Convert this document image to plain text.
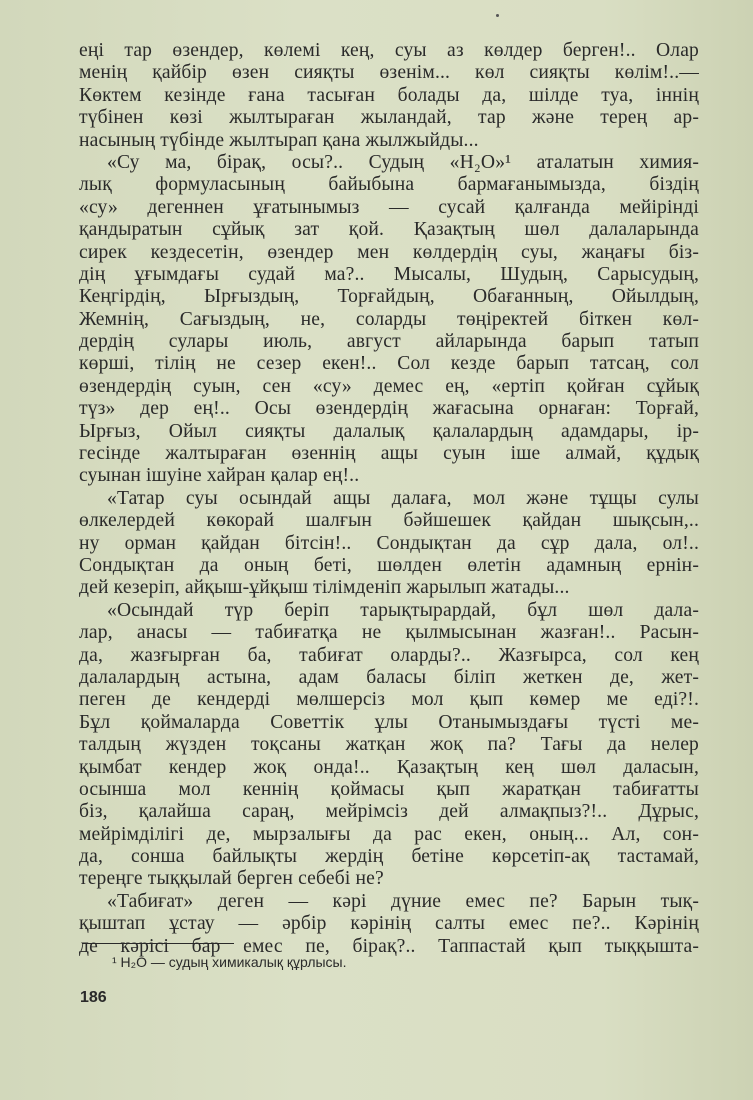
еңі тар өзендер, көлемі кең, суы аз көлдер берген!.. Олар
менің қайбір өзен сияқты өзенім... көл сияқты көлім!..—
Көктем кезінде ғана тасыған болады да, шілде туа, іннің
түбінен көзі жылтыраған жыландай, тар және терең ар-
насының түбінде жылтырап қана жылжыйды...
«Су ма, бірақ, осы?.. Судың «Н₂О»¹ аталатын химия-
лық формуласының байыбына бармағанымызда, біздің
«су» дегеннен ұғатынымыз — сусай қалғанда мейірінді
қандыратын сұйық зат қой. Қазақтың шөл далаларында
сирек кездесетін, өзендер мен көлдердің суы, жаңағы біз-
дің ұғымдағы судай ма?.. Мысалы, Шудың, Сарысудың,
Кеңгірдің, Ырғыздың, Торғайдың, Обағанның, Ойылдың,
Жемнің, Сағыздың, не, соларды төңіректей біткен көл-
дердің сулары июль, август айларында барып татып
көрші, тілің не сезер екен!.. Сол кезде барып татсаң, сол
өзендердің суын, сен «су» демес ең, «ертіп қойған сұйық
түз» дер ең!.. Осы өзендердің жағасына орнаған: Торғай,
Ырғыз, Ойыл сияқты далалық қалалардың адамдары, ір-
гесінде жалтыраған өзеннің ащы суын іше алмай, құдық
суынан ішуіне хайран қалар ең!..
«Татар суы осындай ащы далаға, мол және тұщы сулы
өлкелердей көкорай шалғын бәйшешек қайдан шықсын,..
ну орман қайдан бітсін!.. Сондықтан да сұр дала, ол!..
Сондықтан да оның беті, шөлден өлетін адамның ернін-
дей кезеріп, айқыш-ұйқыш тілімденіп жарылып жатады...
«Осындай түр беріп тарықтырардай, бұл шөл дала-
лар, анасы — табиғатқа не қылмысынан жазған!.. Расын-
да, жазғырған ба, табиғат оларды?.. Жазғырса, сол кең
далалардың астына, адам баласы біліп жеткен де, жет-
пеген де кендерді мөлшерсіз мол қып көмер ме еді?!.
Бұл қоймаларда Советтік ұлы Отанымыздағы түсті ме-
талдың жүзден тоқсаны жатқан жоқ па? Тағы да нелер
қымбат кендер жоқ онда!.. Қазақтың кең шөл даласын,
осынша мол кеннің қоймасы қып жаратқан табиғатты
біз, қалайша сараң, мейрімсіз дей алмақпыз?!.. Дұрыс,
мейрімділігі де, мырзалығы да рас екен, оның... Ал, сон-
да, сонша байлықты жердің бетіне көрсетіп-ақ тастамай,
тереңге тыққылай берген себебі не?
«Табиғат» деген — кәрі дүние емес пе? Барын тық-
қыштап ұстау — әрбір кәрінің салты емес пе?.. Кәрінің
де кәрісі бар емес пе, бірақ?.. Таппастай қып тыққышта-
¹ Н₂О — судың химикалық құрлысы.
186
